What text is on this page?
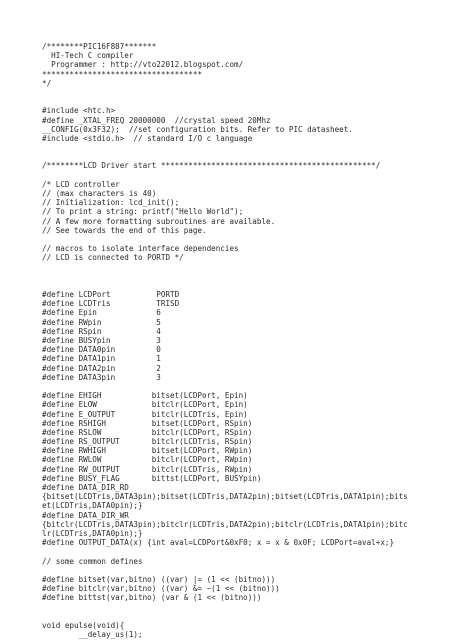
/********PIC16F887*******
HI-Tech C compiler
Programmer : http://vto22012.blogspot.com/
***********************************
*/
#include <htc.h>
#define _XTAL_FREQ 20000000  //crystal speed 20Mhz
__CONFIG(0x3F32);  //set configuration bits. Refer to PIC datasheet.
#include <stdio.h>  // standard I/O c language
/********LCD Driver start ***********************************************/
/* LCD controller
// (max characters is 40)
// Initialization: lcd_init();
// To print a string: printf("Hello World");
// A few more formatting subroutines are available.
// See towards the end of this page.
// macros to isolate interface dependencies
// LCD is connected to PORTD */
#define LCDPort          PORTD
#define LCDTris          TRISD
#define Epin             6
#define RWpin            5
#define RSpin            4
#define BUSYpin          3
#define DATA0pin         0
#define DATA1pin         1
#define DATA2pin         2
#define DATA3pin         3
#define EHIGH           bitset(LCDPort, Epin)
#define ELOW            bitclr(LCDPort, Epin)
#define E_OUTPUT        bitclr(LCDTris, Epin)
#define RSHIGH          bitset(LCDPort, RSpin)
#define RSLOW           bitclr(LCDPort, RSpin)
#define RS_OUTPUT       bitclr(LCDTris, RSpin)
#define RWHIGH          bitset(LCDPort, RWpin)
#define RWLOW           bitclr(LCDPort, RWpin)
#define RW_OUTPUT       bitclr(LCDTris, RWpin)
#define BUSY_FLAG       bittst(LCDPort, BUSYpin)
#define DATA_DIR_RD
{bitset(LCDTris,DATA3pin);bitset(LCDTris,DATA2pin);bitset(LCDTris,DATA1pin);bits
et(LCDTris,DATA0pin);}
#define DATA_DIR_WR
{bitclr(LCDTris,DATA3pin);bitclr(LCDTris,DATA2pin);bitclr(LCDTris,DATA1pin);bitc
lr(LCDTris,DATA0pin);}
#define OUTPUT_DATA(x) {int aval=LCDPort&0xF0; x = x & 0x0F; LCDPort=aval+x;}
// some common defines
#define bitset(var,bitno) ((var) |= (1 << (bitno)))
#define bitclr(var,bitno) ((var) &= ~(1 << (bitno)))
#define bittst(var,bitno) (var & (1 << (bitno)))
void epulse(void){
__delay_us(1);
